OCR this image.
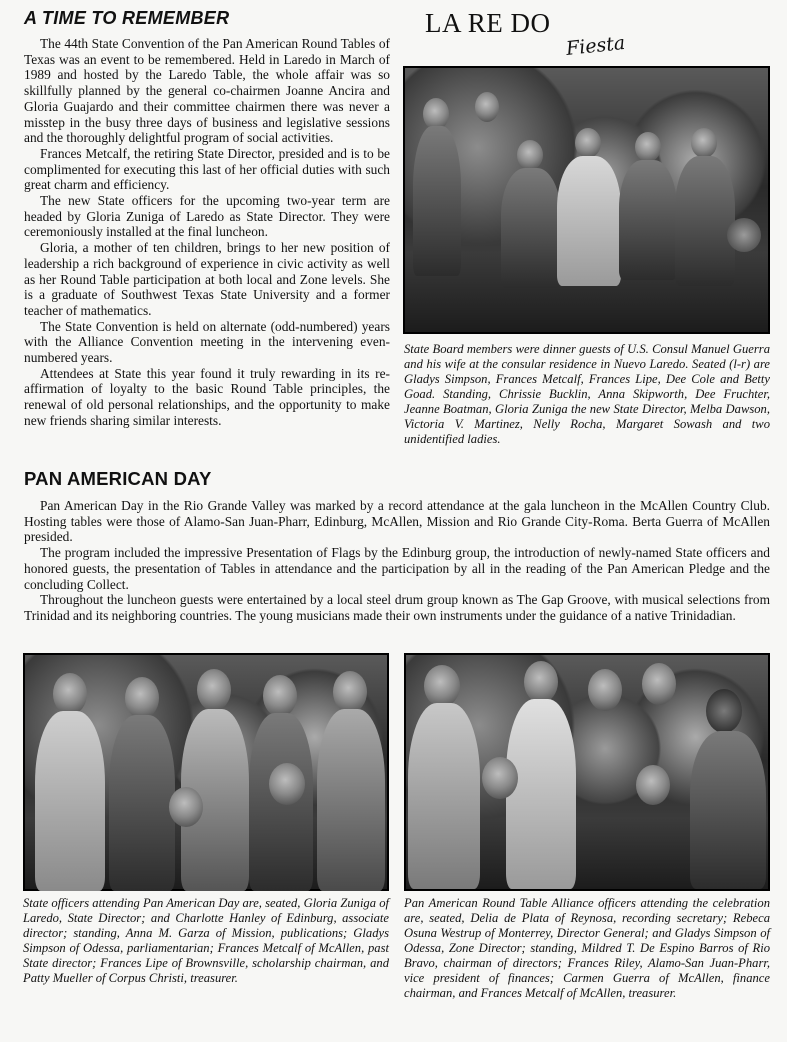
A TIME TO REMEMBER

The 44th State Convention of the Pan American Round Tables of Texas was an event to be remembered. Held in Laredo in March of 1989 and hosted by the Laredo Table, the whole affair was so skillfully planned by the general co-chairmen Joanne Ancira and Gloria Guajardo and their committee chairmen there was never a misstep in the busy three days of business and legislative sessions and the thoroughly delightful program of social activities.

Frances Metcalf, the retiring State Director, presided and is to be complimented for executing this last of her official duties with such great charm and efficiency.

The new State officers for the upcoming two-year term are headed by Gloria Zuniga of Laredo as State Director. They were ceremoniously installed at the final luncheon.

Gloria, a mother of ten children, brings to her new position of leadership a rich background of experience in civic activity as well as her Round Table participation at both local and Zone levels. She is a graduate of Southwest Texas State University and a former teacher of mathematics.

The State Convention is held on alternate (odd-numbered) years with the Alliance Convention meeting in the intervening even-numbered years.

Attendees at State this year found it truly rewarding in its re-affirmation of loyalty to the basic Round Table principles, the renewal of old personal relationships, and the opportunity to make new friends sharing similar interests.

LA RE DO
Fiesta
State Board members were dinner guests of U.S. Consul Manuel Guerra and his wife at the consular residence in Nuevo Laredo. Seated (l-r) are Gladys Simpson, Frances Metcalf, Frances Lipe, Dee Cole and Betty Goad. Standing, Chrissie Bucklin, Anna Skipworth, Dee Fruchter, Jeanne Boatman, Gloria Zuniga the new State Director, Melba Dawson, Victoria V. Martinez, Nelly Rocha, Margaret Sowash and two unidentified ladies.
PAN AMERICAN DAY

Pan American Day in the Rio Grande Valley was marked by a record attendance at the gala luncheon in the McAllen Country Club. Hosting tables were those of Alamo-San Juan-Pharr, Edinburg, McAllen, Mission and Rio Grande City-Roma. Berta Guerra of McAllen presided.

The program included the impressive Presentation of Flags by the Edinburg group, the introduction of newly-named State officers and honored guests, the presentation of Tables in attendance and the participation by all in the reading of the Pan American Pledge and the concluding Collect.

Throughout the luncheon guests were entertained by a local steel drum group known as The Gap Groove, with musical selections from Trinidad and its neighboring countries. The young musicians made their own instruments under the guidance of a native Trinidadian.

State officers attending Pan American Day are, seated, Gloria Zuniga of Laredo, State Director; and Charlotte Hanley of Edinburg, associate director; standing, Anna M. Garza of Mission, publications; Gladys Simpson of Odessa, parliamentarian; Frances Metcalf of McAllen, past State director; Frances Lipe of Brownsville, scholarship chairman, and Patty Mueller of Corpus Christi, treasurer.
Pan American Round Table Alliance officers attending the celebration are, seated, Delia de Plata of Reynosa, recording secretary; Rebeca Osuna Westrup of Monterrey, Director General; and Gladys Simpson of Odessa, Zone Director; standing, Mildred T. De Espino Barros of Rio Bravo, chairman of directors; Frances Riley, Alamo-San Juan-Pharr, vice president of finances; Carmen Guerra of McAllen, finance chairman, and Frances Metcalf of McAllen, treasurer.
